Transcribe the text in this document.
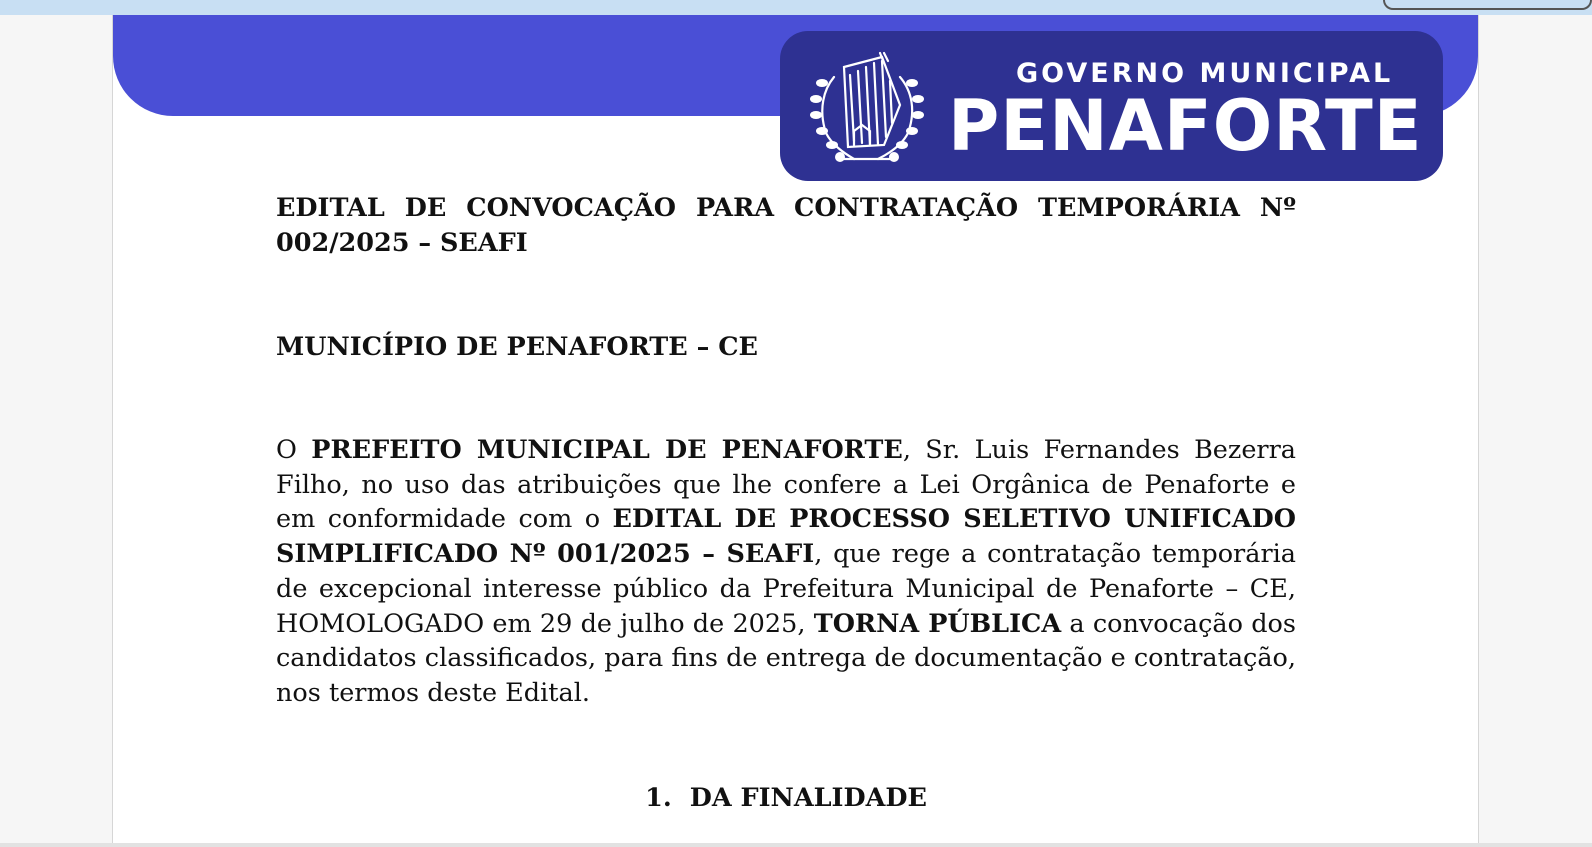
GOVERNO MUNICIPAL
PENAFORTE

EDITAL DE CONVOCAÇÃO PARA CONTRATAÇÃO TEMPORÁRIA Nº 002/2025 – SEAFI

MUNICÍPIO DE PENAFORTE – CE

O PREFEITO MUNICIPAL DE PENAFORTE, Sr. Luis Fernandes Bezerra Filho, no uso das atribuições que lhe confere a Lei Orgânica de Penaforte e em conformidade com o EDITAL DE PROCESSO SELETIVO UNIFICADO SIMPLIFICADO Nº 001/2025 – SEAFI, que rege a contratação temporária de excepcional interesse público da Prefeitura Municipal de Penaforte – CE, HOMOLOGADO em 29 de julho de 2025, TORNA PÚBLICA a convocação dos candidatos classificados, para fins de entrega de documentação e contratação, nos termos deste Edital.

1. DA FINALIDADE
